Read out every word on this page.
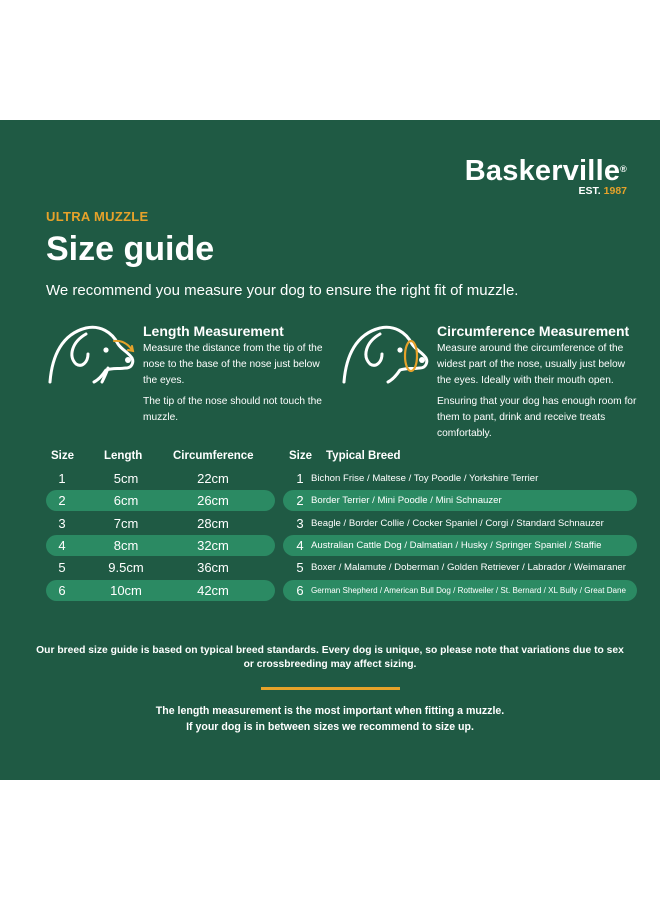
Baskerville®
EST. 1987
ULTRA MUZZLE
Size guide
We recommend you measure your dog to ensure the right fit of muzzle.
Length Measurement

Measure the distance from the tip of the nose to the base of the nose just below the eyes.

The tip of the nose should not touch the muzzle.

Circumference Measurement

Measure around the circumference of the widest part of the nose, usually just below the eyes. Ideally with their mouth open.

Ensuring that your dog has enough room for them to pant, drink and receive treats comfortably.

Size	Length	Circumference	Size Typical Breed
1	5cm	22cm	1 Bichon Frise / Maltese / Toy Poodle / Yorkshire Terrier
2	6cm	26cm	2 Border Terrier / Mini Poodle / Mini Schnauzer
3	7cm	28cm	3 Beagle / Border Collie / Cocker Spaniel / Corgi / Standard Schnauzer
4	8cm	32cm	4 Australian Cattle Dog / Dalmatian / Husky / Springer Spaniel / Staffie
5	9.5cm	36cm	5 Boxer / Malamute / Doberman / Golden Retriever / Labrador / Weimaraner
6	10cm	42cm	6 German Shepherd / American Bull Dog / Rottweiler / St. Bernard / XL Bully / Great Dane
Our breed size guide is based on typical breed standards. Every dog is unique, so please note that variations due to sex or crossbreeding may affect sizing.
The length measurement is the most important when fitting a muzzle.
If your dog is in between sizes we recommend to size up.
